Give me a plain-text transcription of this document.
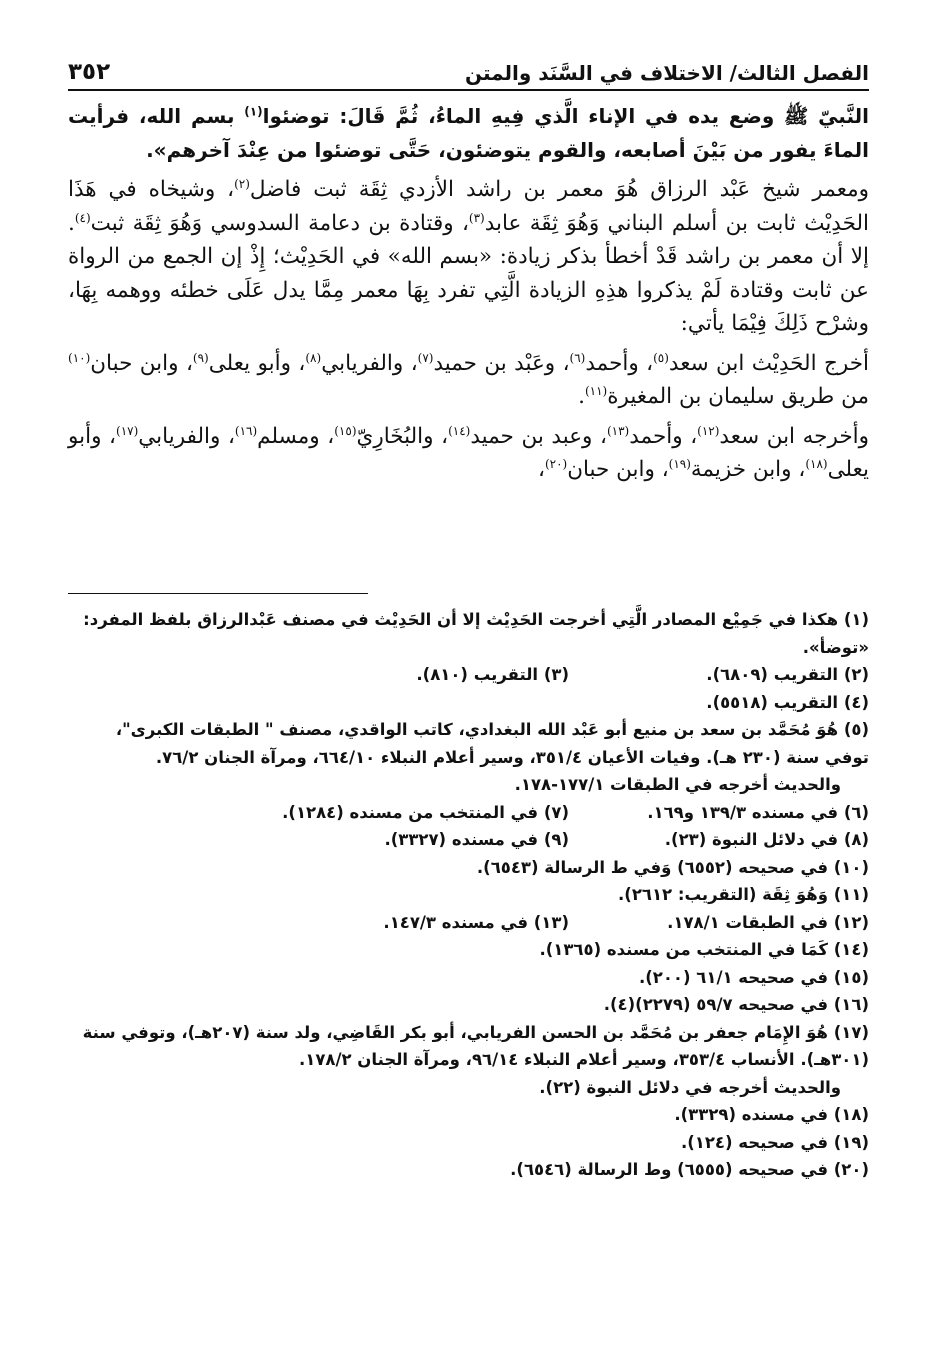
الفصل الثالث/ الاختلاف في السَّنَد والمتن
٣٥٢

النَّبيّ ﷺ وضع يده في الإناء الَّذي فِيهِ الماءُ، ثُمَّ قَالَ: توضئوا$^{(١)}$ بسم الله، فرأيت الماءَ يفور من بَيْنَ أصابعه، والقوم يتوضئون، حَتَّى توضئوا من عِنْدَ آخرهم».

ومعمر شيخ عَبْد الرزاق هُوَ معمر بن راشد الأزدي ثِقَة ثبت فاضل$^{(٢)}$، وشيخاه في هَذَا الحَدِيْث ثابت بن أسلم البناني وَهُوَ ثِقَة عابد$^{(٣)}$، وقتادة بن دعامة السدوسي وَهُوَ ثِقَة ثبت$^{(٤)}$. إلا أن معمر بن راشد قَدْ أخطأ بذكر زيادة: «بسم الله» في الحَدِيْث؛ إِذْ إن الجمع من الرواة عن ثابت وقتادة لَمْ يذكروا هذِهِ الزيادة الَّتِي تفرد بِهَا معمر مِمَّا يدل عَلَى خطئه ووهمه بِهَا، وشرْح ذَلِكَ فِيْمَا يأتي:

أخرج الحَدِيْث ابن سعد$^{(٥)}$، وأحمد$^{(٦)}$، وعَبْد بن حميد$^{(٧)}$، والفريابي$^{(٨)}$، وأبو يعلى$^{(٩)}$، وابن حبان$^{(١٠)}$ من طريق سليمان بن المغيرة$^{(١١)}$.

وأخرجه ابن سعد$^{(١٢)}$، وأحمد$^{(١٣)}$، وعبد بن حميد$^{(١٤)}$، والبُخَارِيّ$^{(١٥)}$، ومسلم$^{(١٦)}$، والفريابي$^{(١٧)}$، وأبو يعلى$^{(١٨)}$، وابن خزيمة$^{(١٩)}$، وابن حبان$^{(٢٠)}$،

(١) هكذا في جَمِيْع المصادر الَّتِي أخرجت الحَدِيْث إلا أن الحَدِيْث في مصنف عَبْدالرزاق بلفظ المفرد: «توضأ».
(٢) التقريب (٦٨٠٩).
(٣) التقريب (٨١٠).
(٤) التقريب (٥٥١٨).
(٥) هُوَ مُحَمَّد بن سعد بن منيع أبو عَبْد الله البغدادي، كاتب الواقدي، مصنف " الطبقات الكبرى"، توفي سنة (٢٣٠ هـ). وفيات الأعيان ٣٥١/٤، وسير أعلام النبلاء ٦٦٤/١٠، ومرآة الجنان ٧٦/٢.
والحديث أخرجه في الطبقات ١٧٧/١-١٧٨.
(٦) في مسنده ١٣٩/٣ و١٦٩.
(٧) في المنتخب من مسنده (١٢٨٤).
(٨) في دلائل النبوة (٢٣).
(٩) في مسنده (٣٣٢٧).
(١٠) في صحيحه (٦٥٥٢) وَفي ط الرسالة (٦٥٤٣).
(١١) وَهُوَ ثِقَة (التقريب: ٢٦١٢).
(١٢) في الطبقات ١٧٨/١.
(١٣) في مسنده ١٤٧/٣.
(١٤) كَمَا في المنتخب من مسنده (١٣٦٥).
(١٥) في صحيحه ٦١/١ (٢٠٠).
(١٦) في صحيحه ٥٩/٧ (٢٢٧٩)(٤).
(١٧) هُوَ الإِمَام جعفر بن مُحَمَّد بن الحسن الفريابي، أبو بكر القَاضِي، ولد سنة (٢٠٧هـ)، وتوفي سنة (٣٠١هـ). الأنساب ٣٥٣/٤، وسير أعلام النبلاء ٩٦/١٤، ومرآة الجنان ١٧٨/٢.
والحديث أخرجه في دلائل النبوة (٢٢).
(١٨) في مسنده (٣٣٢٩).
(١٩) في صحيحه (١٢٤).
(٢٠) في صحيحه (٦٥٥٥) وط الرسالة (٦٥٤٦).
